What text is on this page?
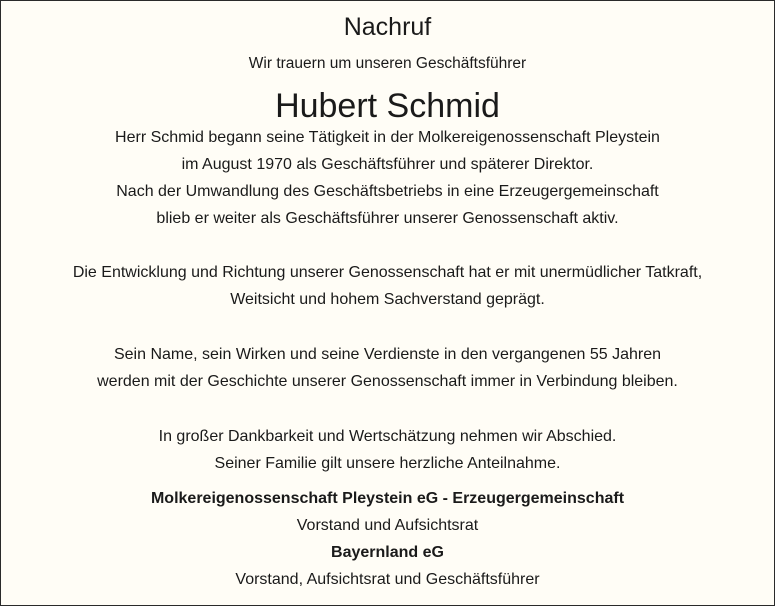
Nachruf
Wir trauern um unseren Geschäftsführer
Hubert Schmid
Herr Schmid begann seine Tätigkeit in der Molkereigenossenschaft Pleystein
im August 1970 als Geschäftsführer und späterer Direktor.
Nach der Umwandlung des Geschäftsbetriebs in eine Erzeugergemeinschaft
blieb er weiter als Geschäftsführer unserer Genossenschaft aktiv.
Die Entwicklung und Richtung unserer Genossenschaft hat er mit unermüdlicher Tatkraft,
Weitsicht und hohem Sachverstand geprägt.
Sein Name, sein Wirken und seine Verdienste in den vergangenen 55 Jahren
werden mit der Geschichte unserer Genossenschaft immer in Verbindung bleiben.
In großer Dankbarkeit und Wertschätzung nehmen wir Abschied.
Seiner Familie gilt unsere herzliche Anteilnahme.
Molkereigenossenschaft Pleystein eG - Erzeugergemeinschaft
Vorstand und Aufsichtsrat
Bayernland eG
Vorstand, Aufsichtsrat und Geschäftsführer
